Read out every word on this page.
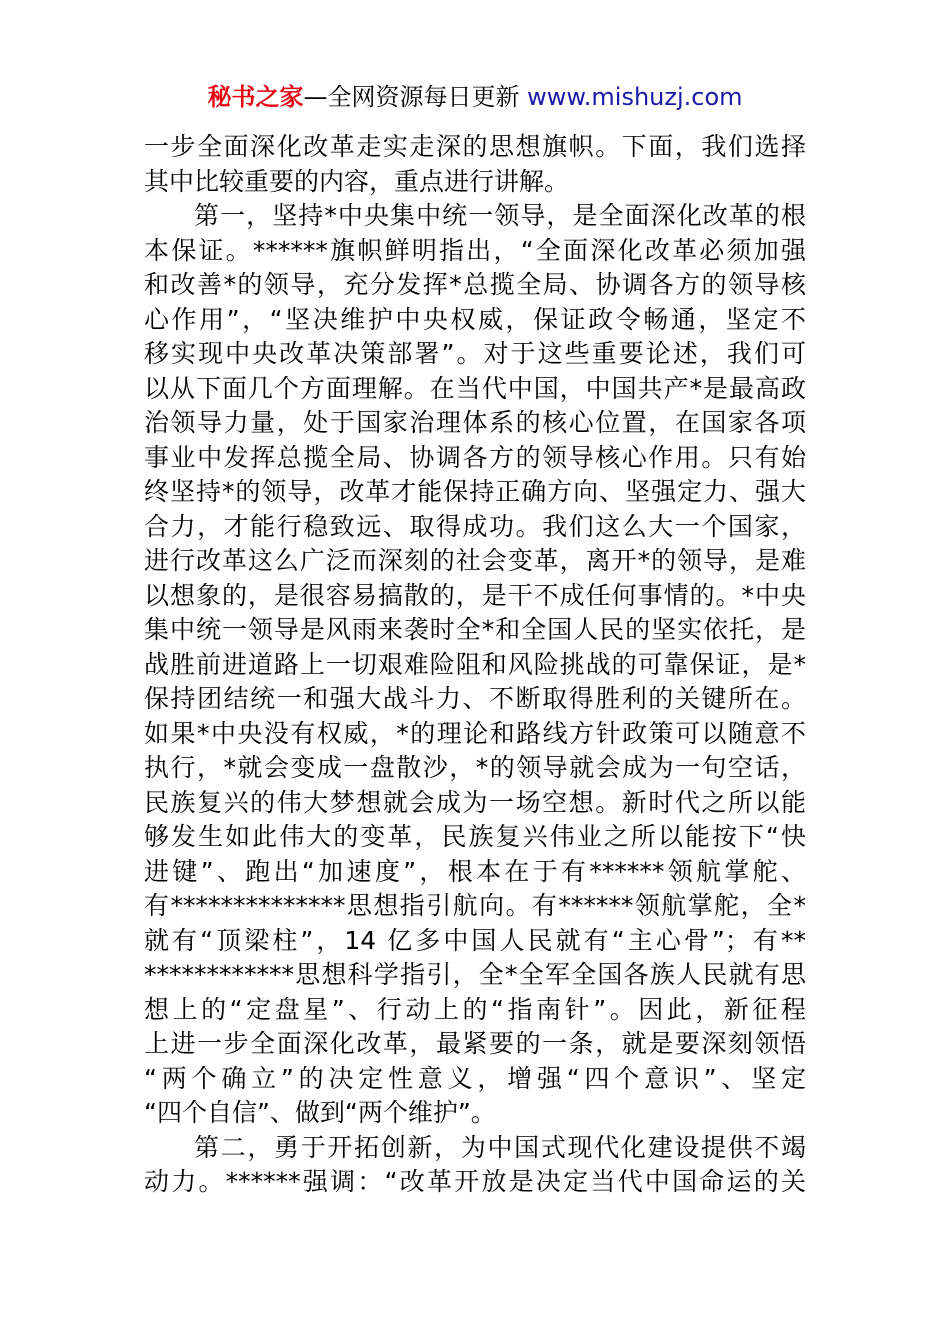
秘书之家—全网资源每日更新 www.mishuzj.com
一步全面深化改革走实走深的思想旗帜。下面，我们选择
其中比较重要的内容，重点进行讲解。
第一，坚持*中央集中统一领导，是全面深化改革的根
本保证。******旗帜鲜明指出，“全面深化改革必须加强
和改善*的领导，充分发挥*总揽全局、协调各方的领导核
心作用”，“坚决维护中央权威，保证政令畅通，坚定不
移实现中央改革决策部署”。对于这些重要论述，我们可
以从下面几个方面理解。在当代中国，中国共产*是最高政
治领导力量，处于国家治理体系的核心位置，在国家各项
事业中发挥总揽全局、协调各方的领导核心作用。只有始
终坚持*的领导，改革才能保持正确方向、坚强定力、强大
合力，才能行稳致远、取得成功。我们这么大一个国家，
进行改革这么广泛而深刻的社会变革，离开*的领导，是难
以想象的，是很容易搞散的，是干不成任何事情的。*中央
集中统一领导是风雨来袭时全*和全国人民的坚实依托，是
战胜前进道路上一切艰难险阻和风险挑战的可靠保证，是*
保持团结统一和强大战斗力、不断取得胜利的关键所在。
如果*中央没有权威，*的理论和路线方针政策可以随意不
执行，*就会变成一盘散沙，*的领导就会成为一句空话，
民族复兴的伟大梦想就会成为一场空想。新时代之所以能
够发生如此伟大的变革，民族复兴伟业之所以能按下“快
进键”、跑出“加速度”，根本在于有******领航掌舵、
有**************思想指引航向。有******领航掌舵，全*
就有“顶梁柱”，14 亿多中国人民就有“主心骨”；有**
************思想科学指引，全*全军全国各族人民就有思
想上的“定盘星”、行动上的“指南针”。因此，新征程
上进一步全面深化改革，最紧要的一条，就是要深刻领悟
“两个确立”的决定性意义，增强“四个意识”、坚定
“四个自信”、做到“两个维护”。
第二，勇于开拓创新，为中国式现代化建设提供不竭
动力。******强调：“改革开放是决定当代中国命运的关
